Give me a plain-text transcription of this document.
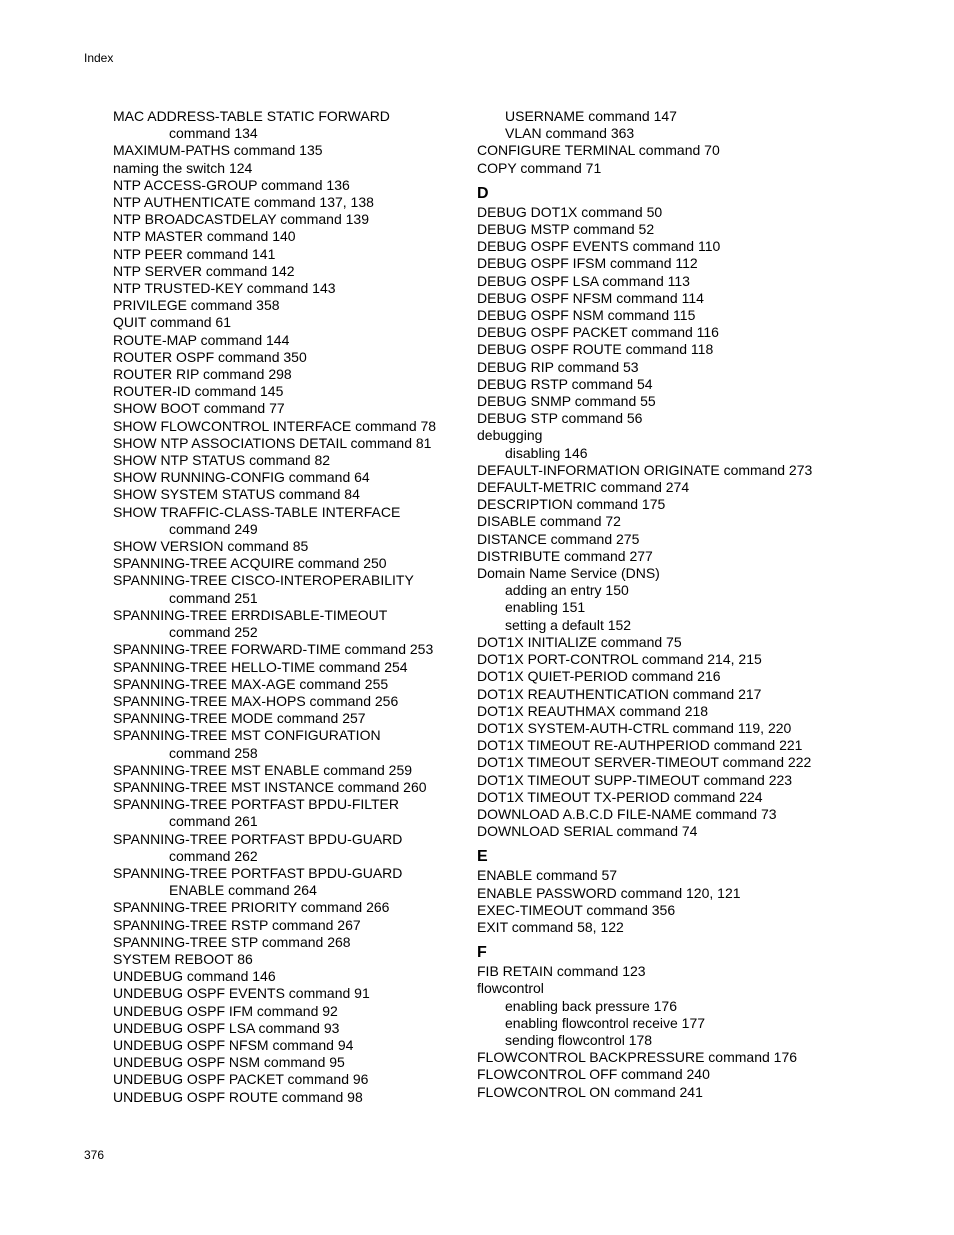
Index
MAC ADDRESS-TABLE STATIC FORWARD
command 134
MAXIMUM-PATHS command 135
naming the switch 124
NTP ACCESS-GROUP command 136
NTP AUTHENTICATE command 137, 138
NTP BROADCASTDELAY command 139
NTP MASTER command 140
NTP PEER command 141
NTP SERVER command 142
NTP TRUSTED-KEY command 143
PRIVILEGE command 358
QUIT command 61
ROUTE-MAP command 144
ROUTER OSPF command 350
ROUTER RIP command 298
ROUTER-ID command 145
SHOW BOOT command 77
SHOW FLOWCONTROL INTERFACE command 78
SHOW NTP ASSOCIATIONS DETAIL command 81
SHOW NTP STATUS command 82
SHOW RUNNING-CONFIG command 64
SHOW SYSTEM STATUS command 84
SHOW TRAFFIC-CLASS-TABLE INTERFACE
command 249
SHOW VERSION command 85
SPANNING-TREE ACQUIRE command 250
SPANNING-TREE CISCO-INTEROPERABILITY
command 251
SPANNING-TREE ERRDISABLE-TIMEOUT
command 252
SPANNING-TREE FORWARD-TIME command 253
SPANNING-TREE HELLO-TIME command 254
SPANNING-TREE MAX-AGE command 255
SPANNING-TREE MAX-HOPS command 256
SPANNING-TREE MODE command 257
SPANNING-TREE MST CONFIGURATION
command 258
SPANNING-TREE MST ENABLE command 259
SPANNING-TREE MST INSTANCE command 260
SPANNING-TREE PORTFAST BPDU-FILTER
command 261
SPANNING-TREE PORTFAST BPDU-GUARD
command 262
SPANNING-TREE PORTFAST BPDU-GUARD
ENABLE command 264
SPANNING-TREE PRIORITY command 266
SPANNING-TREE RSTP command 267
SPANNING-TREE STP command 268
SYSTEM REBOOT 86
UNDEBUG command 146
UNDEBUG OSPF EVENTS command 91
UNDEBUG OSPF IFM command 92
UNDEBUG OSPF LSA command 93
UNDEBUG OSPF NFSM command 94
UNDEBUG OSPF NSM command 95
UNDEBUG OSPF PACKET command 96
UNDEBUG OSPF ROUTE command 98
USERNAME command 147
VLAN command 363
CONFIGURE TERMINAL command 70
COPY command 71
D
DEBUG DOT1X command 50
DEBUG MSTP command 52
DEBUG OSPF EVENTS command 110
DEBUG OSPF IFSM command 112
DEBUG OSPF LSA command 113
DEBUG OSPF NFSM command 114
DEBUG OSPF NSM command 115
DEBUG OSPF PACKET command 116
DEBUG OSPF ROUTE command 118
DEBUG RIP command 53
DEBUG RSTP command 54
DEBUG SNMP command 55
DEBUG STP command 56
debugging
disabling 146
DEFAULT-INFORMATION ORIGINATE command 273
DEFAULT-METRIC command 274
DESCRIPTION command 175
DISABLE command 72
DISTANCE command 275
DISTRIBUTE command 277
Domain Name Service (DNS)
adding an entry 150
enabling 151
setting a default 152
DOT1X INITIALIZE command 75
DOT1X PORT-CONTROL command 214, 215
DOT1X QUIET-PERIOD command 216
DOT1X REAUTHENTICATION command 217
DOT1X REAUTHMAX command 218
DOT1X SYSTEM-AUTH-CTRL command 119, 220
DOT1X TIMEOUT RE-AUTHPERIOD command 221
DOT1X TIMEOUT SERVER-TIMEOUT command 222
DOT1X TIMEOUT SUPP-TIMEOUT command 223
DOT1X TIMEOUT TX-PERIOD command 224
DOWNLOAD A.B.C.D FILE-NAME command 73
DOWNLOAD SERIAL command 74
E
ENABLE command 57
ENABLE PASSWORD command 120, 121
EXEC-TIMEOUT command 356
EXIT command 58, 122
F
FIB RETAIN command 123
flowcontrol
enabling back pressure 176
enabling flowcontrol receive 177
sending flowcontrol 178
FLOWCONTROL BACKPRESSURE command 176
FLOWCONTROL OFF command 240
FLOWCONTROL ON command 241
376
